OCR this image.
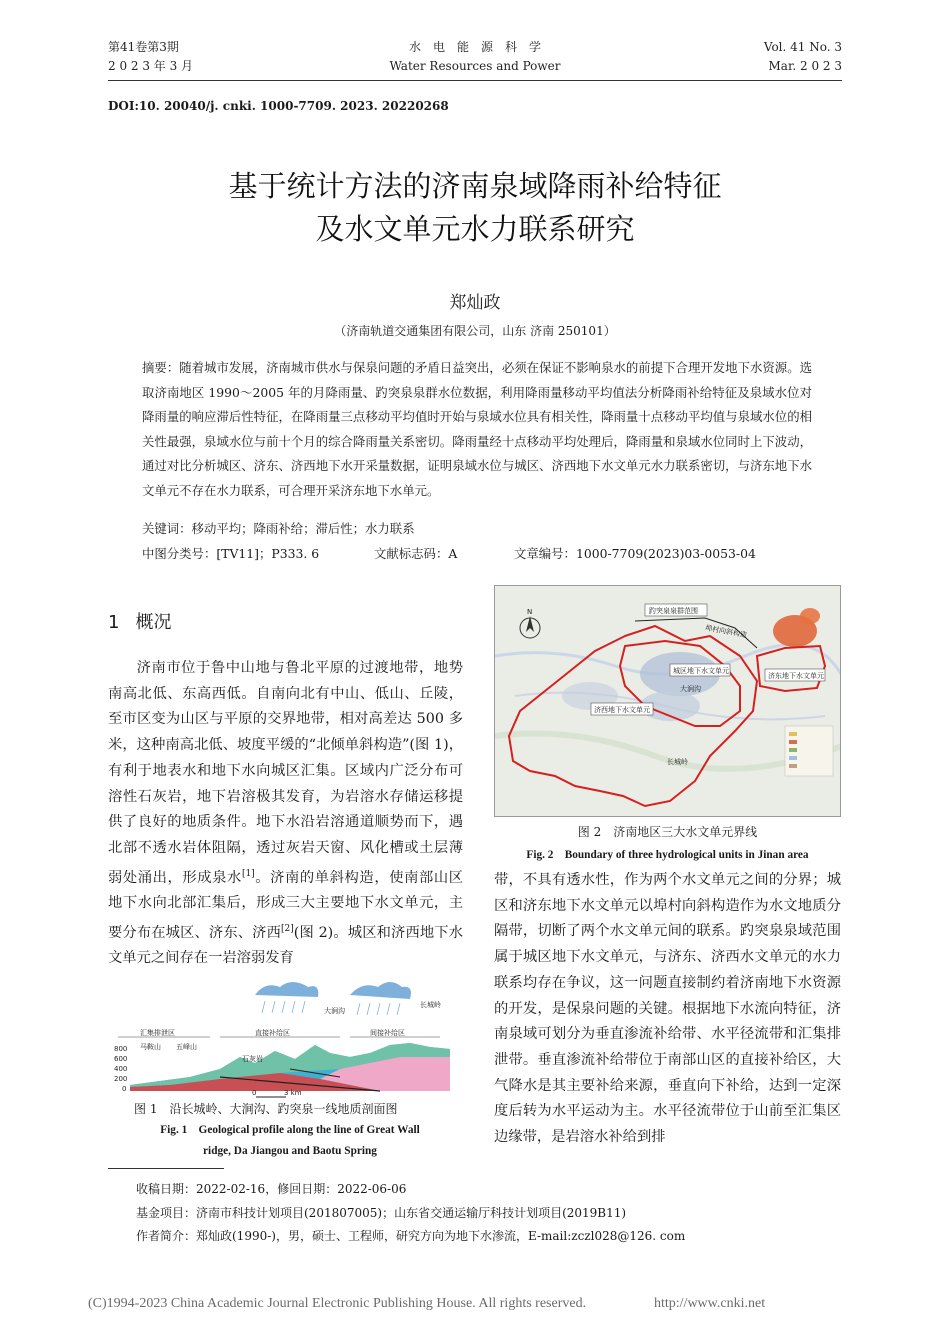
第41卷第3期
2 0 2 3 年 3 月
水　电　能　源　科　学
Water Resources and Power
Vol. 41 No. 3
Mar. 2 0 2 3
DOI:10. 20040/j. cnki. 1000-7709. 2023. 20220268
基于统计方法的济南泉域降雨补给特征
及水文单元水力联系研究
郑灿政
（济南轨道交通集团有限公司，山东 济南 250101）
摘要：随着城市发展，济南城市供水与保泉问题的矛盾日益突出，必须在保证不影响泉水的前提下合理开发地下水资源。选取济南地区 1990～2005 年的月降雨量、趵突泉泉群水位数据，利用降雨量移动平均值法分析降雨补给特征及泉域水位对降雨量的响应滞后性特征，在降雨量三点移动平均值时开始与泉域水位具有相关性，降雨量十点移动平均值与泉域水位的相关性最强，泉域水位与前十个月的综合降雨量关系密切。降雨量经十点移动平均处理后，降雨量和泉域水位同时上下波动，通过对比分析城区、济东、济西地下水开采量数据，证明泉域水位与城区、济西地下水文单元水力联系密切，与济东地下水文单元不存在水力联系，可合理开采济东地下水单元。
关键词：移动平均；降雨补给；滞后性；水力联系
中图分类号：[TV11]；P333. 6	文献标志码：A	文章编号：1000-7709(2023)03-0053-04
1 概况
济南市位于鲁中山地与鲁北平原的过渡地带，地势南高北低、东高西低。自南向北有中山、低山、丘陵，至市区变为山区与平原的交界地带，相对高差达 500 多米，这种南高北低、坡度平缓的“北倾单斜构造”(图 1)，有利于地表水和地下水向城区汇集。区域内广泛分布可溶性石灰岩，地下岩溶极其发育，为岩溶水存储运移提供了良好的地质条件。地下水沿岩溶通道顺势而下，遇北部不透水岩体阻隔，透过灰岩天窗、风化槽或土层薄弱处涌出，形成泉水[1]。济南的单斜构造，使南部山区地下水向北部汇集后，形成三大主要地下水文单元，主要分布在城区、济东、济西[2](图 2)。城区和济西地下水文单元之间存在一岩溶弱发育
N	趵突泉泉群范围
埠村向斜构造
城区地下水文单元
济东地下水文单元
济西地下水文单元
大涧沟
长城岭
图 2　济南地区三大水文单元界线
Fig. 2　Boundary of three hydrological units in Jinan area
带，不具有透水性，作为两个水文单元之间的分界；城区和济东地下水文单元以埠村向斜构造作为水文地质分隔带，切断了两个水文单元间的联系。趵突泉泉域范围属于城区地下水文单元，与济东、济西水文单元的水力联系均存在争议，这一问题直接制约着济南地下水资源的开发，是保泉问题的关键。根据地下水流向特征，济南泉域可划分为垂直渗流补给带、水平径流带和汇集排泄带。垂直渗流补给带位于南部山区的直接补给区，大气降水是其主要补给来源，垂直向下补给，达到一定深度后转为水平运动为主。水平径流带位于山前至汇集区边缘带，是岩溶水补给到排
汇集排泄区	直接补给区	间接补给区
大涧沟
长城岭
800
600
400
200
0
石灰岩
马鞍山 五峰山
0	3 km
图 1　沿长城岭、大涧沟、趵突泉一线地质剖面图
Fig. 1　Geological profile along the line of Great Wall
ridge, Da Jiangou and Baotu Spring
收稿日期：2022-02-16，修回日期：2022-06-06
基金项目：济南市科技计划项目(201807005)；山东省交通运输厅科技计划项目(2019B11)
作者简介：郑灿政(1990-)，男，硕士、工程师，研究方向为地下水渗流，E-mail:zczl028@126. com
(C)1994-2023 China Academic Journal Electronic Publishing House. All rights reserved.	http://www.cnki.net
